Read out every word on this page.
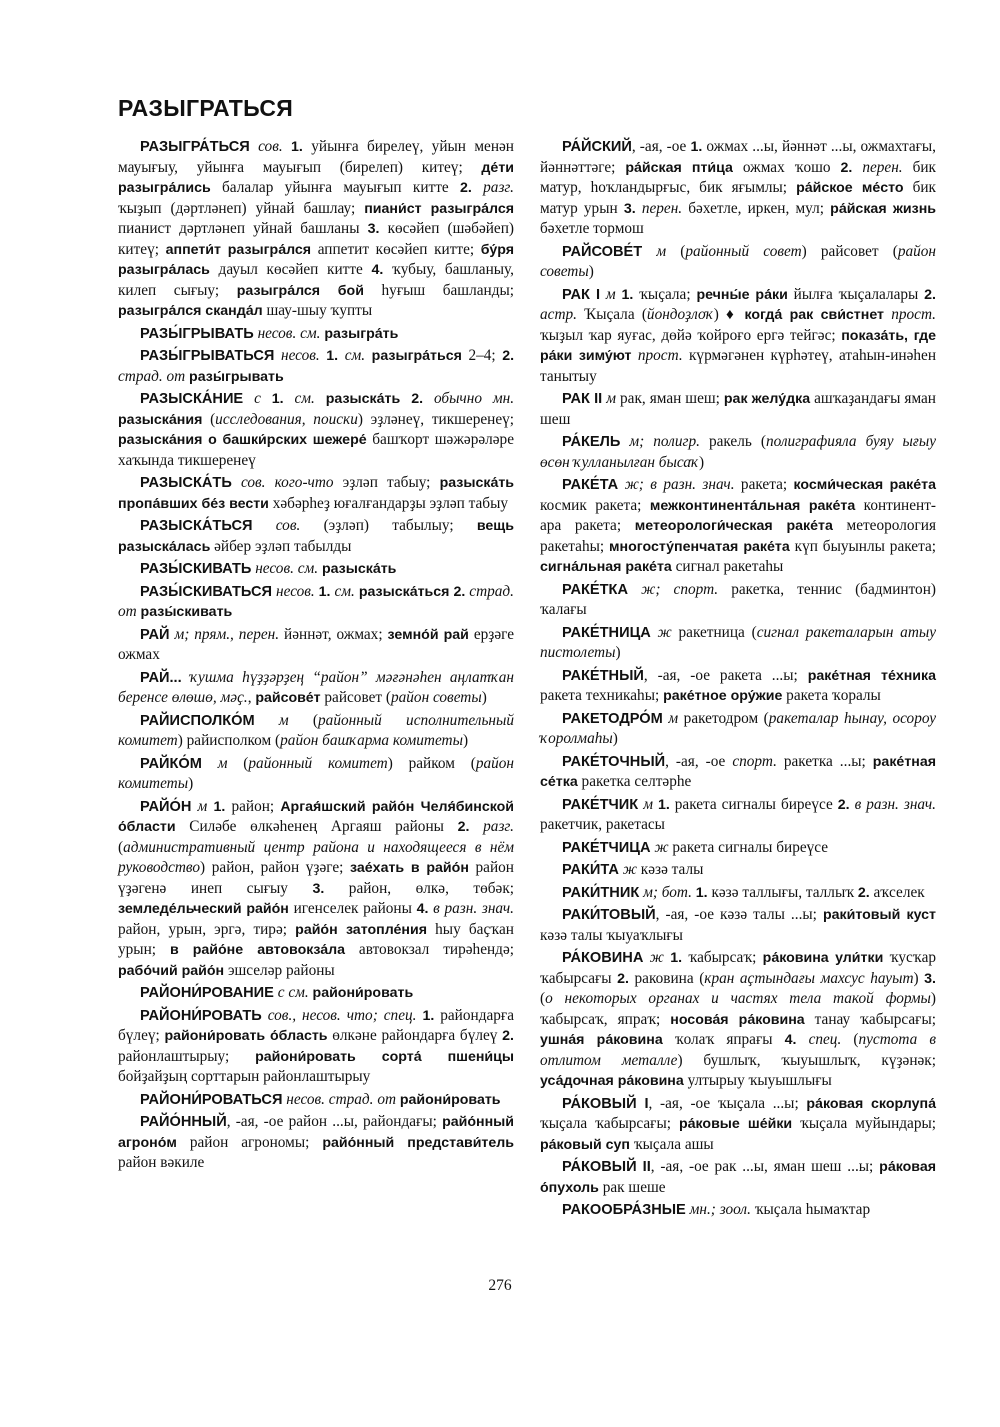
РАЗЫГРАТЬСЯ

РАЗЫГРА́ТЬСЯ сов. 1. уйынға бирелеү, уйын менән мауығыу, уйынға мауығып (бирелеп) китеү; де́ти разыгра́лись балалар уйынға мауығып китте 2. разг. ҡыҙып (дәртләнеп) уйнай башлау; пиани́ст разыгра́лся пианист дәртләнеп уйнай башланы 3. көсәйеп (шәбәйеп) китеү; аппети́т разыгра́лся аппетит көсәйеп китте; бу́ря разыгра́лась дауыл көсәйеп китте 4. ҡубыу, башланыу, килеп сығыу; разыгра́лся бой һуғыш башланды; разыгра́лся сканда́л шау-шыу ҡупты

РАЗЫ́ГРЫВАТЬ несов. см. разыгра́ть

РАЗЫ́ГРЫВАТЬСЯ несов. 1. см. разыгра́ться 2–4; 2. страд. от разы́грывать

РАЗЫСКА́НИЕ с 1. см. разыска́ть 2. обычно мн. разыска́ния (исследования, поиски) эҙләнеү, тикшеренеү; разыска́ния о башки́рских шежере́ башҡорт шәжәрәләре хаҡында тикшеренеү

РАЗЫСКА́ТЬ сов. кого-что эҙләп табыу; разыска́ть пропа́вших бе́з вести хәбәрһеҙ юғалғандарҙы эҙләп табыу

РАЗЫСКА́ТЬСЯ сов. (эҙләп) табылыу; вещь разыска́лась әйбер эҙләп табылды

РАЗЫ́СКИВАТЬ несов. см. разыска́ть

РАЗЫ́СКИВАТЬСЯ несов. 1. см. разыска́ться 2. страд. от разы́скивать

РАЙ м; прям., перен. йәннәт, ожмах; земно́й рай ерҙәге ожмах

РАЙ... ҡушма һүҙҙәрҙең “район” мәғәнәһен аңлатҡан беренсе өлөшө, мәҫ., райсове́т райсовет (район советы)

РАЙИСПОЛКО́М м (районный исполнительный комитет) райисполком (район башҡарма комитеты)

РАЙКО́М м (районный комитет) райком (район комитеты)

РАЙО́Н м 1. район; Аргая́шский райо́н Челя́бинской о́бласти Силәбе өлкәһенең Аргаяш районы 2. разг. (административный центр района и находящееся в нём руководство) район, район үҙәге; зае́хать в райо́н район үҙәгенә инеп сығыу 3. район, өлкә, төбәк; земледе́льческий райо́н игенселек районы 4. в разн. знач. район, урын, эргә, тирә; райо́н затопле́ния һыу баҫҡан урын; в райо́не автовокза́ла автовокзал тирәһендә; рабо́чий райо́н эшселәр районы

РАЙОНИ́РОВАНИЕ с см. райони́ровать

РАЙОНИ́РОВАТЬ сов., несов. что; спец. 1. райондарға бүлеү; райони́ровать о́бласть өлкәне райондарға бүлеү 2. районлаштырыу; райони́ровать сорта́ пшени́цы бойҙайҙың сорттарын районлаштырыу

РАЙОНИ́РОВАТЬСЯ несов. страд. от райони́ровать

РАЙО́ННЫЙ, -ая, -ое район ...ы, райондағы; райо́нный агроно́м район агрономы; райо́нный представи́тель район вәкиле

РА́ЙСКИЙ, -ая, -ое 1. ожмах ...ы, йәннәт ...ы, ожмахтағы, йәннәттәге; ра́йская пти́ца ожмах ҡошо 2. перен. бик матур, һоҡландырғыс, бик яғымлы; ра́йское ме́сто бик матур урын 3. перен. бәхетле, иркен, мул; ра́йская жизнь бәхетле тормош

РАЙСОВЕ́Т м (районный совет) райсовет (район советы)

РАК I м 1. ҡыҫала; речны́е ра́ки йылға ҡыҫалалары 2. астр. Ҡыҫала (йондоҙлоҡ) ♦ когда́ рак сви́стнет прост. ҡыҙыл ҡар яуғас, дөйә ҡойроғо ергә тейгәс; показа́ть, где ра́ки зиму́ют прост. күрмәгәнен күрһәтеү, атаһын-инәһен танытыу

РАК II м рак, яман шеш; рак желу́дка ашҡаҙандағы яман шеш

РА́КЕЛЬ м; полигр. ракель (полиграфияла буяу ығыу өсөн ҡулланылған бысаҡ)

РАКЕ́ТА ж; в разн. знач. ракета; косми́ческая раке́та космик ракета; межконтинента́льная раке́та континент-ара ракета; метеорологи́ческая раке́та метеорология ракетаһы; многосту́пенчатая раке́та күп быуынлы ракета; сигна́льная раке́та сигнал ракетаһы

РАКЕ́ТКА ж; спорт. ракетка, теннис (бадминтон) ҡалағы

РАКЕ́ТНИЦА ж ракетница (сигнал ракеталарын атыу пистолеты)

РАКЕ́ТНЫЙ, -ая, -ое ракета ...ы; раке́тная те́хника ракета техникаһы; раке́тное ору́жие ракета ҡоралы

РАКЕТОДРО́М м ракетодром (ракеталар һынау, осороу ҡоролмаһы)

РАКЕ́ТОЧНЫЙ, -ая, -ое спорт. ракетка ...ы; раке́тная се́тка ракетка селтәрһе

РАКЕ́ТЧИК м 1. ракета сигналы биреүсе 2. в разн. знач. ракетчик, ракетасы

РАКЕ́ТЧИЦА ж ракета сигналы биреүсе

РАКИ́ТА ж кәзә талы

РАКИ́ТНИК м; бот. 1. кәзә таллығы, таллыҡ 2. аҡселек

РАКИ́ТОВЫЙ, -ая, -ое кәзә талы ...ы; раки́товый куст кәзә талы ҡыуаҡлығы

РА́КОВИНА ж 1. ҡабырсаҡ; ра́ковина ули́тки ҡусҡар ҡабырсағы 2. раковина (кран аҫтындағы махсус һауыт) 3. (о некоторых органах и частях тела такой формы) ҡабырсаҡ, япраҡ; носова́я ра́ковина танау ҡабырсағы; ушна́я ра́ковина ҡолаҡ япрағы 4. спец. (пустота в отлитом металле) бушлыҡ, ҡыуышлыҡ, күҙәнәк; уса́дочная ра́ковина ултырыу ҡыуышлығы

РА́КОВЫЙ I, -ая, -ое ҡыҫала ...ы; ра́ковая скорлупа́ ҡыҫала ҡабырсағы; ра́ковые ше́йки ҡыҫала муйындары; ра́ковый суп ҡыҫала ашы

РА́КОВЫЙ II, -ая, -ое рак ...ы, яман шеш ...ы; ра́ковая о́пухоль рак шеше

РАКООБРА́ЗНЫЕ мн.; зоол. ҡыҫала һымаҡтар

276
